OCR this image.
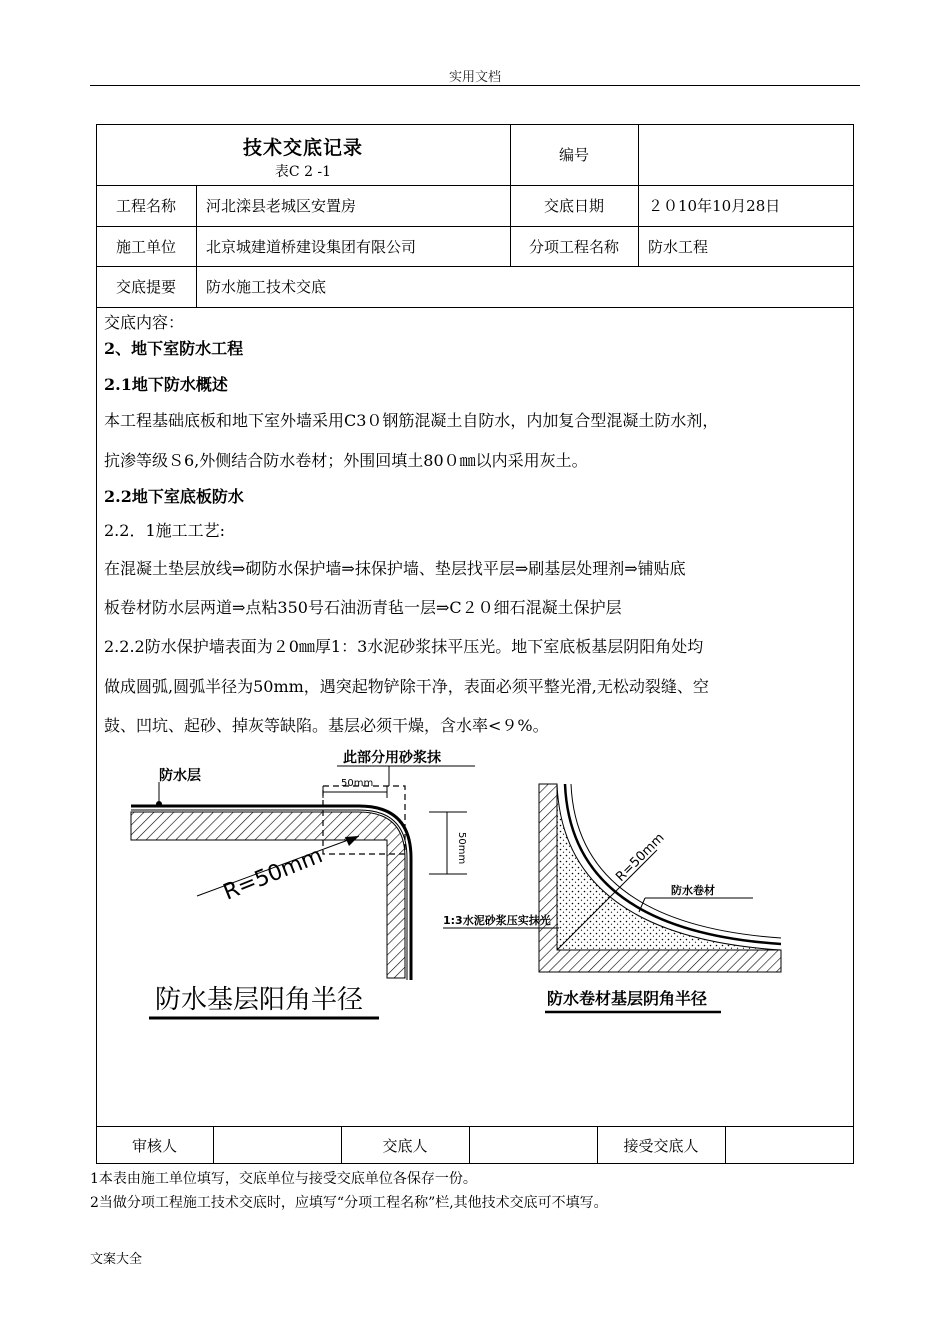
实用文档
技术交底记录
表C 2 -1
编号
工程名称	河北滦县老城区安置房	交底日期	２０10年10月28日
施工单位	北京城建道桥建设集团有限公司	分项工程名称	防水工程
交底提要	防水施工技术交底
交底内容：
2、地下室防水工程
2.1地下防水概述
本工程基础底板和地下室外墙采用C3０钢筋混凝土自防水，内加复合型混凝土防水剂，
抗渗等级Ｓ6,外侧结合防水卷材；外围回填土80０㎜以内采用灰土。
2.2地下室底板防水
2.2．1施工工艺:
在混凝土垫层放线⇒砌防水保护墙⇒抹保护墙、垫层找平层⇒刷基层处理剂⇒铺贴底
板卷材防水层两道⇒点粘350号石油沥青毡一层⇒C２０细石混凝土保护层
2.2.2防水保护墙表面为２0㎜厚1：3水泥砂浆抹平压光。地下室底板基层阴阳角处均
做成圆弧,圆弧半径为50mm，遇突起物铲除干净，表面必须平整光滑,无松动裂缝、空
鼓、凹坑、起砂、掉灰等缺陷。基层必须干燥，含水率<９%。
防水层
此部分用砂浆抹
50mm
50mm
R=50mm
防水基层阳角半径
R=50mm
防水卷材
1:3水泥砂浆压实抹光
防水卷材基层阴角半径
审核人	交底人	接受交底人
1本表由施工单位填写，交底单位与接受交底单位各保存一份。
2当做分项工程施工技术交底时，应填写“分项工程名称”栏,其他技术交底可不填写。
文案大全
